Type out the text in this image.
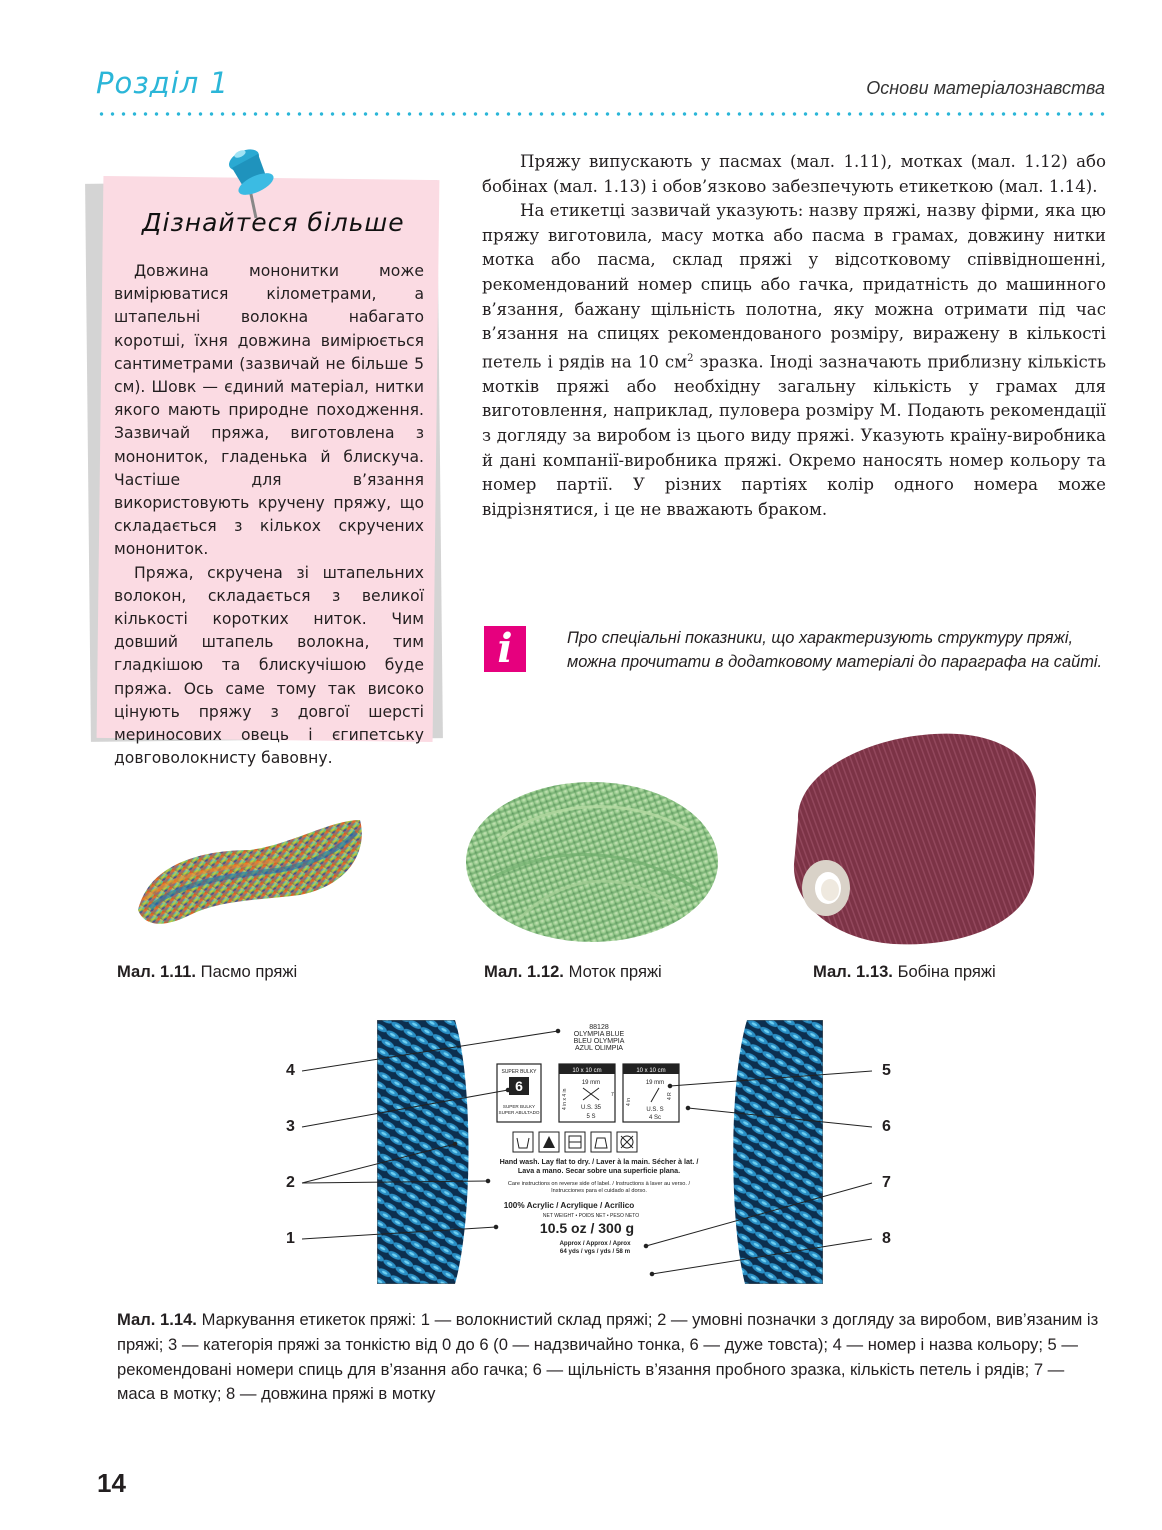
Розділ 1	Основи матеріалознавства
Дізнайтеся більше

Довжина мононитки може вимірюватися кілометрами, а штапельні волокна набагато коротші, їхня довжина вимірюється сантиметрами (зазвичай не більше 5 см). Шовк — єдиний матеріал, нитки якого мають природне походження. Зазвичай пряжа, виготовлена з монониток, гладенька й блискуча. Частіше для в’язання використовують кручену пряжу, що складається з кількох скручених монониток.

Пряжа, скручена зі штапельних волокон, складається з великої кількості коротких ниток. Чим довший штапель волокна, тим гладкішою та блискучішою буде пряжа. Ось саме тому так високо цінують пряжу з довгої шерсті мериносових овець і єгипетську довговолокнисту бавовну.

Пряжу випускають у пасмах (мал. 1.11), мотках (мал. 1.12) або бобінах (мал. 1.13) і обов’язково забезпечують етикеткою (мал. 1.14).

На етикетці зазвичай указують: назву пряжі, назву фірми, яка цю пряжу виготовила, масу мотка або пасма в грамах, довжину нитки мотка або пасма, склад пряжі у відсотковому співвідношенні, рекомендований номер спиць або гачка, придатність до машинного в’язання, бажану щільність полотна, яку можна отримати під час в’язання на спицях рекомендованого розміру, виражену в кількості петель і рядів на 10 $см^2$ зразка. Іноді зазначають приблизну кількість мотків пряжі або необхідну загальну кількість у грамах для виготовлення, наприклад, пуловера розміру М. Подають рекомендації з догляду за виробом із цього виду пряжі. Указують країну-виробника й дані компанії-виробника пряжі. Окремо наносять номер кольору та номер партії. У різних партіях колір одного номера може відрізнятися, і це не вважають браком.

i	Про спеціальні показники, що характеризують структуру пряжі, можна прочитати в додатковому матеріалі до параграфа на сайті.
Мал. 1.11. Пасмо пряжі	Мал. 1.12. Моток пряжі	Мал. 1.13. Бобіна пряжі
88128
OLYMPIA BLUE
BLEU OLYMPIA
AZUL OLIMPIA
SUPER BULKY
6
SUPER BULKY
SUPER ABULTADO
10 x 10 cm
19 mm
U.S. 35
5 S
4 in x 4 in	7
10 x 10 cm
19 mm
U.S. S
4 Sc
4 in
4 R
Hand wash. Lay flat to dry. / Laver à la main. Sécher à lat. /
Lava a mano. Secar sobre una superficie plana.
Care instructions on reverse side of label. / Instructions à laver au verso. /
Instrucciones para el cuidado al dorso.
100% Acrylic / Acrylique / Acrílico
NET WEIGHT • POIDS NET • PESO NETO
10.5 oz / 300 g
Approx / Approx / Aprox
64 yds / vgs / yds / 58 m
4
3
2
1
5
6
7
8
Мал. 1.14. Маркування етикеток пряжі: 1 — волокнистий склад пряжі; 2 — умовні позначки з догляду за виробом, вив’язаним із пряжі; 3 — категорія пряжі за тонкістю від 0 до 6 (0 — надзвичайно тонка, 6 — дуже товста); 4 — номер і назва кольору; 5 — рекомендовані номери спиць для в’язання або гачка; 6 — щільність в’язання пробного зразка, кількість петель і рядів; 7 — маса в мотку; 8 — довжина пряжі в мотку
14
